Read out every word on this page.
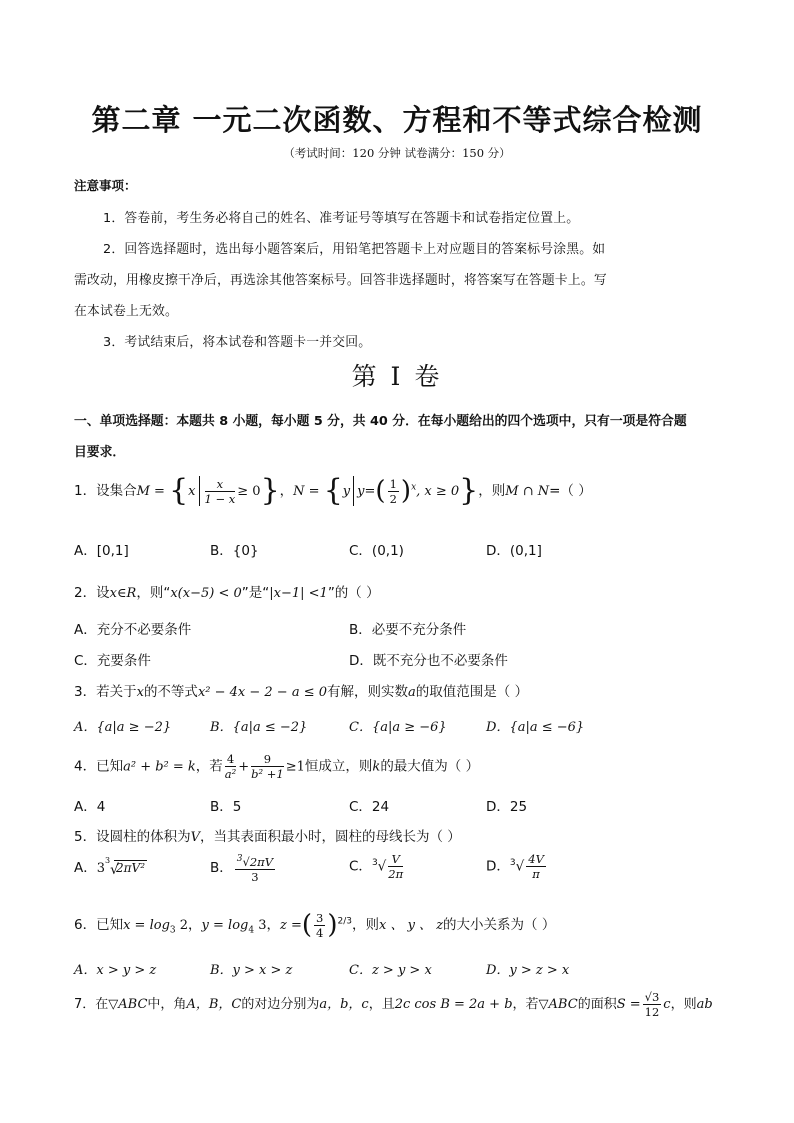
第二章 一元二次函数、方程和不等式综合检测
（考试时间：120 分钟 试卷满分：150 分）
注意事项：
1．答卷前，考生务必将自己的姓名、准考证号等填写在答题卡和试卷指定位置上。
2．回答选择题时，选出每小题答案后，用铅笔把答题卡上对应题目的答案标号涂黑。如
需改动，用橡皮擦干净后，再选涂其他答案标号。回答非选择题时，将答案写在答题卡上。写
在本试卷上无效。
3．考试结束后，将本试卷和答题卡一并交回。
第 I 卷
一、单项选择题：本题共 8 小题，每小题 5 分，共 40 分．在每小题给出的四个选项中，只有一项是符合题
目要求．
1．设集合$M = \{x \frac{x}{1 - x} \ge 0\}$，N = {y $y=( \frac{1}{2} )^x$, x ≥ 0}，则M ∩ N=（ ）
A．[0,1]	B．{0}	C．(0,1)	D．(0,1]
2．设x∈R，则“x(x−5) < 0”是“|x−1| <1”的（ ）
A．充分不必要条件	B．必要不充分条件
C．充要条件	D．既不充分也不必要条件
3．若关于x的不等式x² − 4x − 2 − a ≤ 0有解，则实数a的取值范围是（ ）
A．{a|a ≥ −2}	B．{a|a ≤ −2}	C．{a|a ≥ −6}	D．{a|a ≤ −6}
4．已知a² + b² = k，若 $\frac{4}{\text{a²}} + \frac{9}{\text{b² +1}} \ge 1$恒成立，则k的最大值为（ ）
A．4	B．5	C．24	D．25
5．设圆柱的体积为V，当其表面积最小时，圆柱的母线长为（ ）
A．3
3
√
2πV²	B． $\frac{^3√2\pi V}{3}$	C．$^3√ \frac{V}{2\pi}$	D．$^3√ \frac{4V}{\pi}$
6．已知$x = \log_3 2$，$y = \log_4 3$，z =( $\frac{3}{4} )^{2/3}$，则x 、 y 、 z的大小关系为（ ）
A．x > y > z	B．y > x > z	C．z > y > x	D．y > z > x
7．在▽ABC中，角A，B，C的对边分别为a，b，c，且2c cos B = 2a + b，若▽ABC的面积$S = \frac{√3}{12}$ c，则ab
